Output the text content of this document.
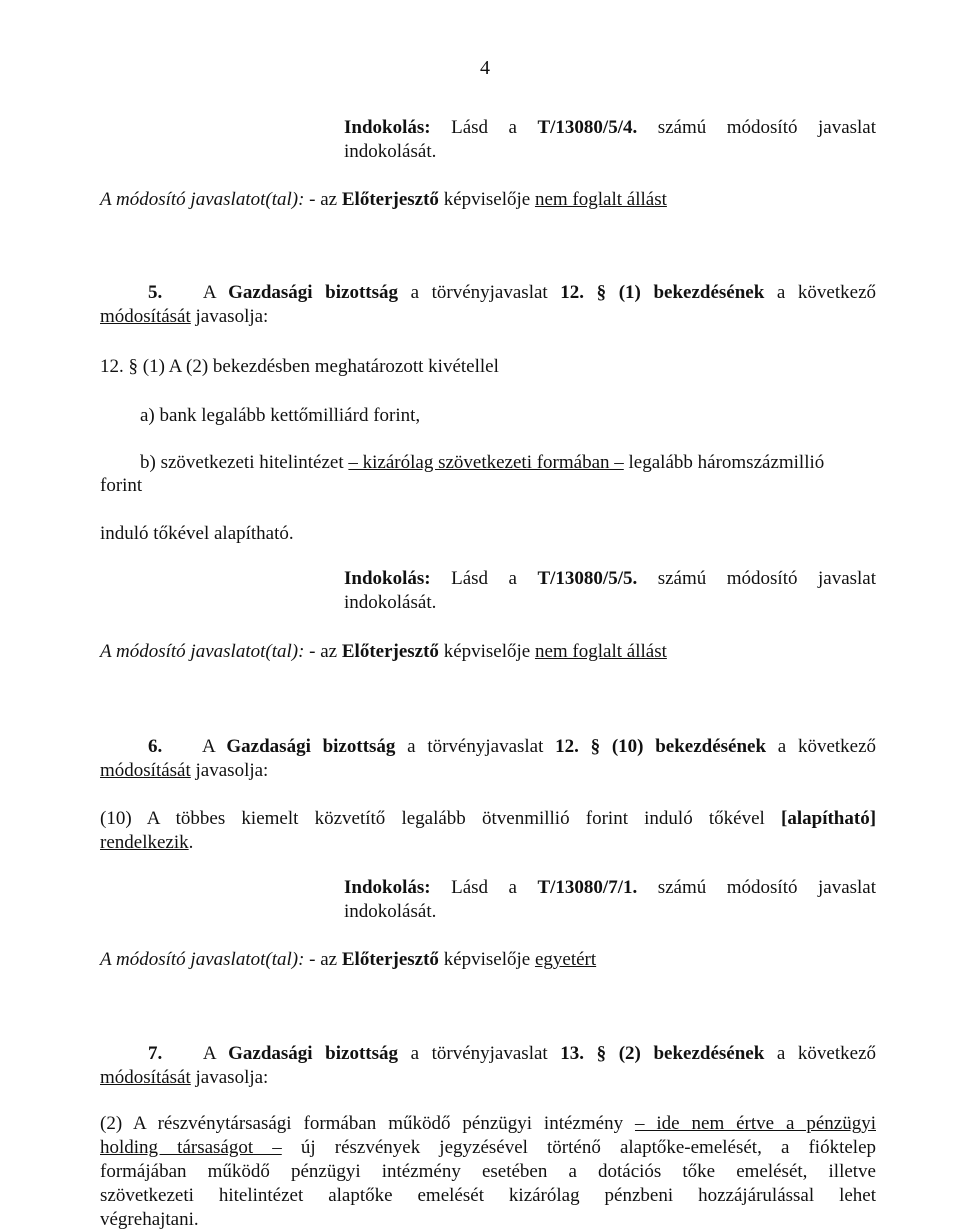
4
Indokolás: Lásd a T/13080/5/4. számú módosító javaslat
indokolását.
A módosító javaslatot(tal): - az Előterjesztő képviselője nem foglalt állást
5. A Gazdasági bizottság a törvényjavaslat 12. § (1) bekezdésének a következő
módosítását javasolja:
12. § (1) A (2) bekezdésben meghatározott kivétellel
a) bank legalább kettőmilliárd forint,
b) szövetkezeti hitelintézet – kizárólag szövetkezeti formában – legalább háromszázmillió
forint
induló tőkével alapítható.
Indokolás: Lásd a T/13080/5/5. számú módosító javaslat
indokolását.
A módosító javaslatot(tal): - az Előterjesztő képviselője nem foglalt állást
6. A Gazdasági bizottság a törvényjavaslat 12. § (10) bekezdésének a következő
módosítását javasolja:
(10) A többes kiemelt közvetítő legalább ötvenmillió forint induló tőkével [alapítható]
rendelkezik.
Indokolás: Lásd a T/13080/7/1. számú módosító javaslat
indokolását.
A módosító javaslatot(tal): - az Előterjesztő képviselője egyetért
7. A Gazdasági bizottság a törvényjavaslat 13. § (2) bekezdésének a következő
módosítását javasolja:
(2) A részvénytársasági formában működő pénzügyi intézmény – ide nem értve a pénzügyi
holding társaságot – új részvények jegyzésével történő alaptőke-emelését, a fióktelep
formájában működő pénzügyi intézmény esetében a dotációs tőke emelését, illetve
szövetkezeti hitelintézet alaptőke emelését kizárólag pénzbeni hozzájárulással lehet
végrehajtani.
